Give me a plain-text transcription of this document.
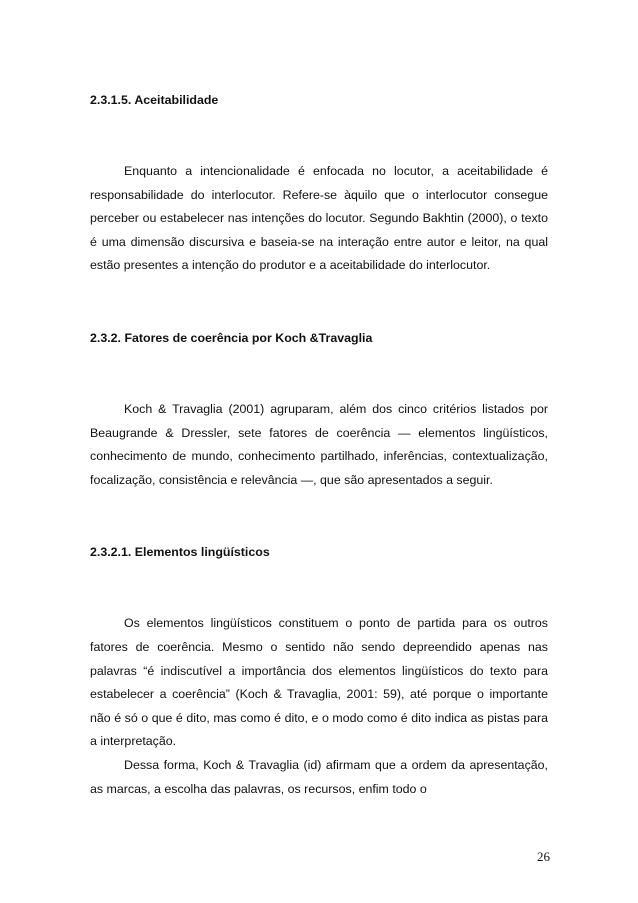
2.3.1.5. Aceitabilidade

Enquanto a intencionalidade é enfocada no locutor, a aceitabilidade é responsabilidade do interlocutor. Refere-se àquilo que o interlocutor consegue perceber ou estabelecer nas intenções do locutor. Segundo Bakhtin (2000), o texto é uma dimensão discursiva e baseia-se na interação entre autor e leitor, na qual estão presentes a intenção do produtor e a aceitabilidade do interlocutor.

2.3.2. Fatores de coerência por Koch &Travaglia

Koch & Travaglia (2001) agruparam, além dos cinco critérios listados por Beaugrande & Dressler, sete fatores de coerência — elementos lingüísticos, conhecimento de mundo, conhecimento partilhado, inferências, contextualização, focalização, consistência e relevância —, que são apresentados a seguir.

2.3.2.1. Elementos lingüísticos

Os elementos lingüísticos constituem o ponto de partida para os outros fatores de coerência. Mesmo o sentido não sendo depreendido apenas nas palavras “é indiscutível a importância dos elementos lingüísticos do texto para estabelecer a coerência” (Koch & Travaglia, 2001: 59), até porque o importante não é só o que é dito, mas como é dito, e o modo como é dito indica as pistas para a interpretação.

Dessa forma, Koch & Travaglia (id) afirmam que a ordem da apresentação, as marcas, a escolha das palavras, os recursos, enfim todo o

26
